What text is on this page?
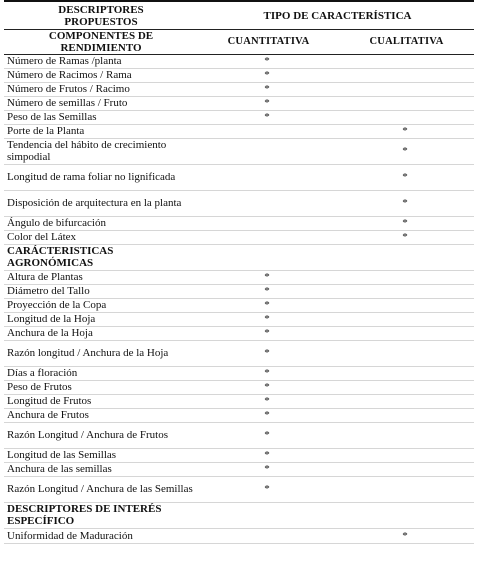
DESCRIPTORES PROPUESTOS	TIPO DE CARACTERÍSTICA	
COMPONENTES DE RENDIMIENTO	CUANTITATIVA	CUALITATIVA
Número de Ramas /planta	*	
Número de Racimos / Rama	*	
Número de Frutos / Racimo	*	
Número de semillas / Fruto	*	
Peso de las Semillas	*	
Porte de la Planta		*
Tendencia del hábito de crecimiento simpodial		*
Longitud de rama foliar no lignificada		*
Disposición de arquitectura en la planta		*
Ángulo de bifurcación		*
Color del Látex		*
CARÁCTERISTICAS AGRONÓMICAS		
Altura de Plantas	*	
Diámetro del Tallo	*	
Proyección de la Copa	*	
Longitud de la Hoja	*	
Anchura de la Hoja	*	
Razón longitud / Anchura de la Hoja	*	
Días a floración	*	
Peso de Frutos	*	
Longitud de Frutos	*	
Anchura de Frutos	*	
Razón Longitud / Anchura de Frutos	*	
Longitud de las Semillas	*	
Anchura de las semillas	*	
Razón Longitud / Anchura de las Semillas	*	
DESCRIPTORES DE INTERÉS ESPECÍFICO		
Uniformidad de Maduración		*
